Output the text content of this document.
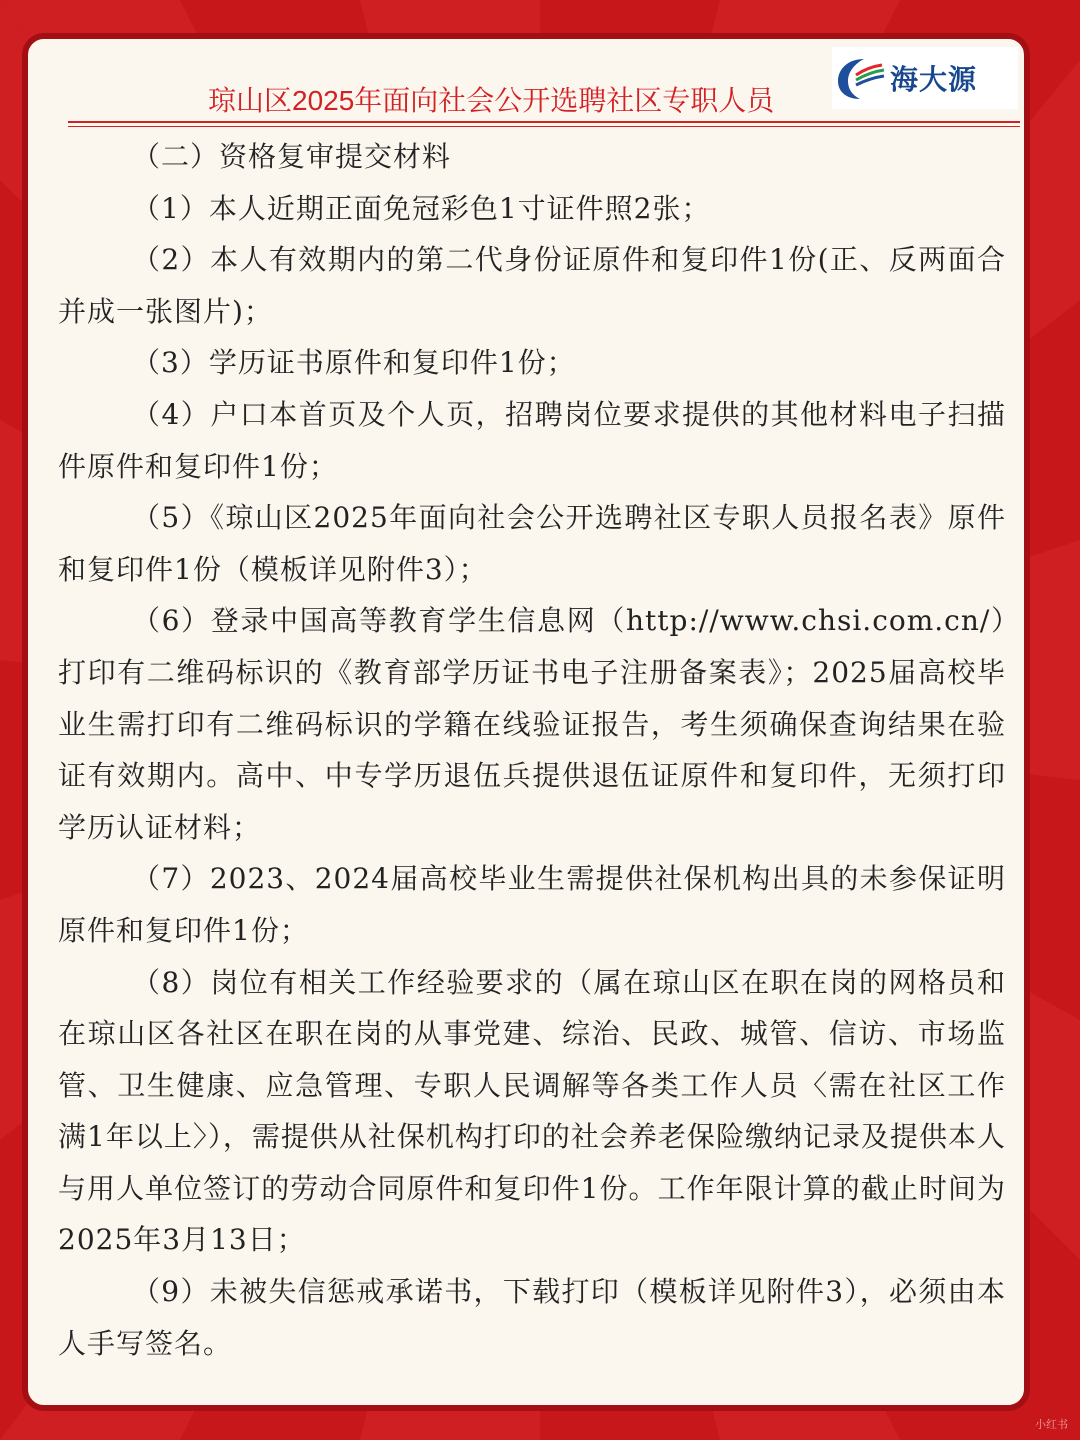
琼山区2025年面向社会公开选聘社区专职人员
海大源

（二）资格复审提交材料

（1）本人近期正面免冠彩色1寸证件照2张；

（2）本人有效期内的第二代身份证原件和复印件1份(正、反两面合并成一张图片)；

（3）学历证书原件和复印件1份；

（4）户口本首页及个人页，招聘岗位要求提供的其他材料电子扫描件原件和复印件1份；

（5）《琼山区2025年面向社会公开选聘社区专职人员报名表》原件和复印件1份（模板详见附件3）；

（6）登录中国高等教育学生信息网（http://www.chsi.com.cn/）打印有二维码标识的《教育部学历证书电子注册备案表》；2025届高校毕业生需打印有二维码标识的学籍在线验证报告，考生须确保查询结果在验证有效期内。高中、中专学历退伍兵提供退伍证原件和复印件，无须打印学历认证材料；

（7）2023、2024届高校毕业生需提供社保机构出具的未参保证明原件和复印件1份；

（8）岗位有相关工作经验要求的（属在琼山区在职在岗的网格员和在琼山区各社区在职在岗的从事党建、综治、民政、城管、信访、市场监管、卫生健康、应急管理、专职人民调解等各类工作人员〈需在社区工作满1年以上〉），需提供从社保机构打印的社会养老保险缴纳记录及提供本人与用人单位签订的劳动合同原件和复印件1份。工作年限计算的截止时间为2025年3月13日；

（9）未被失信惩戒承诺书，下载打印（模板详见附件3），必须由本人手写签名。

小红书
